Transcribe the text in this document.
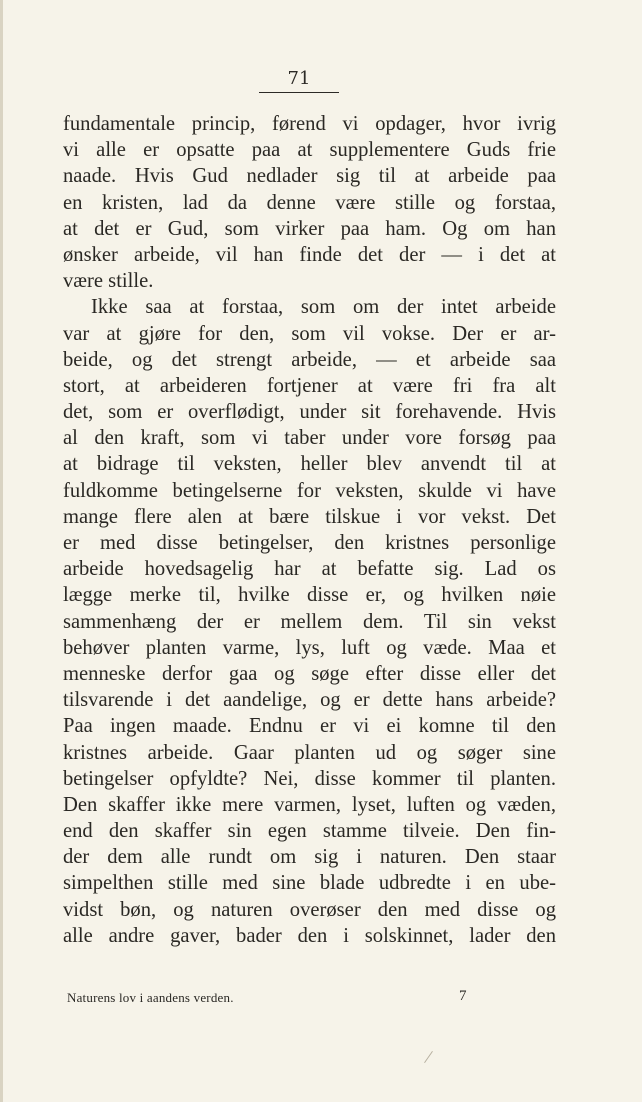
71
fundamentale princip, førend vi opdager, hvor ivrig
vi alle er opsatte paa at supplementere Guds frie
naade. Hvis Gud nedlader sig til at arbeide paa
en kristen, lad da denne være stille og forstaa,
at det er Gud, som virker paa ham. Og om han
ønsker arbeide, vil han finde det der — i det at
være stille.
Ikke saa at forstaa, som om der intet arbeide
var at gjøre for den, som vil vokse. Der er ar-
beide, og det strengt arbeide, — et arbeide saa
stort, at arbeideren fortjener at være fri fra alt
det, som er overflødigt, under sit forehavende. Hvis
al den kraft, som vi taber under vore forsøg paa
at bidrage til veksten, heller blev anvendt til at
fuldkomme betingelserne for veksten, skulde vi have
mange flere alen at bære tilskue i vor vekst. Det
er med disse betingelser, den kristnes personlige
arbeide hovedsagelig har at befatte sig. Lad os
lægge merke til, hvilke disse er, og hvilken nøie
sammenhæng der er mellem dem. Til sin vekst
behøver planten varme, lys, luft og væde. Maa et
menneske derfor gaa og søge efter disse eller det
tilsvarende i det aandelige, og er dette hans arbeide?
Paa ingen maade. Endnu er vi ei komne til den
kristnes arbeide. Gaar planten ud og søger sine
betingelser opfyldte? Nei, disse kommer til planten.
Den skaffer ikke mere varmen, lyset, luften og væden,
end den skaffer sin egen stamme tilveie. Den fin-
der dem alle rundt om sig i naturen. Den staar
simpelthen stille med sine blade udbredte i en ube-
vidst bøn, og naturen overøser den med disse og
alle andre gaver, bader den i solskinnet, lader den
Naturens lov i aandens verden.	7
